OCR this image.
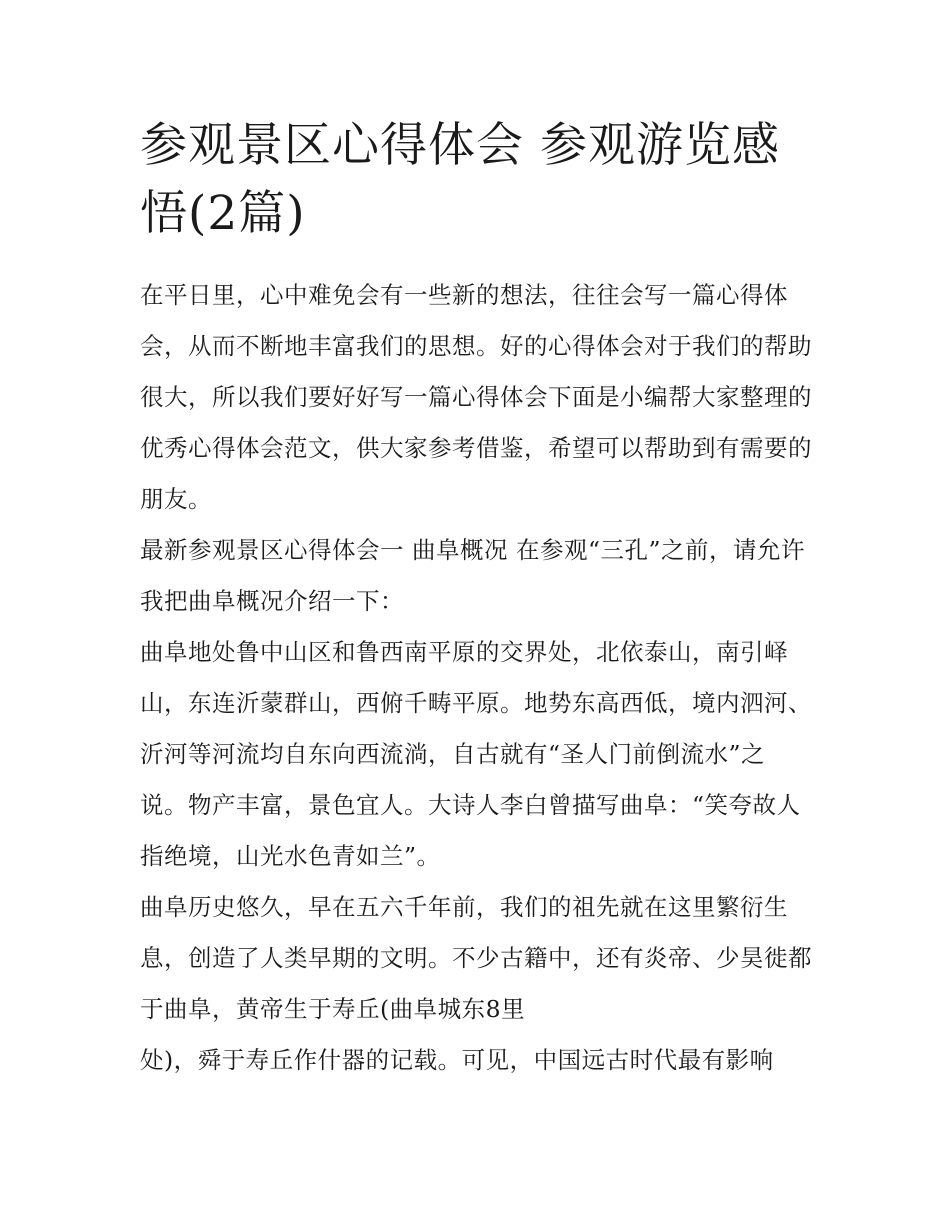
参观景区心得体会 参观游览感悟(2篇)

在平日里，心中难免会有一些新的想法，往往会写一篇心得体会，从而不断地丰富我们的思想。好的心得体会对于我们的帮助很大，所以我们要好好写一篇心得体会下面是小编帮大家整理的优秀心得体会范文，供大家参考借鉴，希望可以帮助到有需要的朋友。

最新参观景区心得体会一 曲阜概况 在参观“三孔”之前，请允许我把曲阜概况介绍一下：

曲阜地处鲁中山区和鲁西南平原的交界处，北依泰山，南引峄山，东连沂蒙群山，西俯千畴平原。地势东高西低，境内泗河、沂河等河流均自东向西流淌，自古就有“圣人门前倒流水”之说。物产丰富，景色宜人。大诗人李白曾描写曲阜：“笑夸故人指绝境，山光水色青如兰”。

曲阜历史悠久，早在五六千年前，我们的祖先就在这里繁衍生息，创造了人类早期的文明。不少古籍中，还有炎帝、少昊徙都于曲阜，黄帝生于寿丘(曲阜城东8里

处)，舜于寿丘作什器的记载。可见，中国远古时代最有影响
